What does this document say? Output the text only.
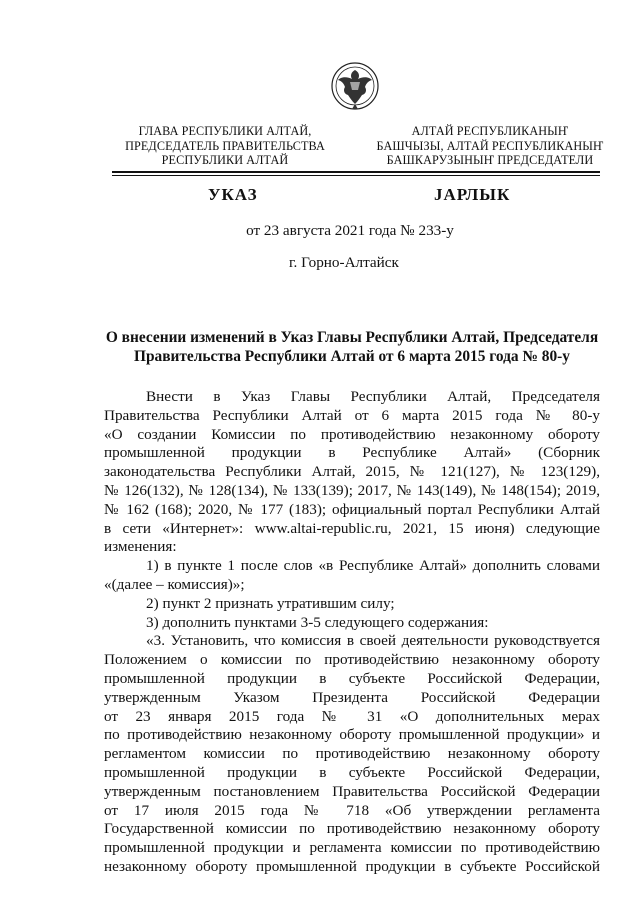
ГЛАВА РЕСПУБЛИКИ АЛТАЙ,
ПРЕДСЕДАТЕЛЬ ПРАВИТЕЛЬСТВА
РЕСПУБЛИКИ АЛТАЙ
АЛТАЙ РЕСПУБЛИКАНЫҤ
БАШЧЫЗЫ, АЛТАЙ РЕСПУБЛИКАНЫҤ
БАШКАРУЗЫНЫҤ ПРЕДСЕДАТЕЛИ
УКАЗ	JАРЛЫК
от 23 августа 2021 года № 233-у
г. Горно-Алтайск
О внесении изменений в Указ Главы Республики Алтай, Председателя
Правительства Республики Алтай от 6 марта 2015 года № 80-у
Внести в Указ Главы Республики Алтай, Председателя
Правительства Республики Алтай от 6 марта 2015 года № 80-у
«О создании Комиссии по противодействию незаконному обороту
промышленной продукции в Республике Алтай» (Сборник
законодательства Республики Алтай, 2015, № 121(127), № 123(129),
№ 126(132), № 128(134), № 133(139); 2017, № 143(149), № 148(154); 2019,
№ 162 (168); 2020, № 177 (183); официальный портал Республики Алтай
в сети «Интернет»: www.altai-republic.ru, 2021, 15 июня) следующие
изменения:
1) в пункте 1 после слов «в Республике Алтай» дополнить словами
«(далее – комиссия)»;
2) пункт 2 признать утратившим силу;
3) дополнить пунктами 3-5 следующего содержания:
«3. Установить, что комиссия в своей деятельности руководствуется
Положением о комиссии по противодействию незаконному обороту
промышленной продукции в субъекте Российской Федерации,
утвержденным Указом Президента Российской Федерации
от 23 января 2015 года № 31 «О дополнительных мерах
по противодействию незаконному обороту промышленной продукции» и
регламентом комиссии по противодействию незаконному обороту
промышленной продукции в субъекте Российской Федерации,
утвержденным постановлением Правительства Российской Федерации
от 17 июля 2015 года № 718 «Об утверждении регламента
Государственной комиссии по противодействию незаконному обороту
промышленной продукции и регламента комиссии по противодействию
незаконному обороту промышленной продукции в субъекте Российской
